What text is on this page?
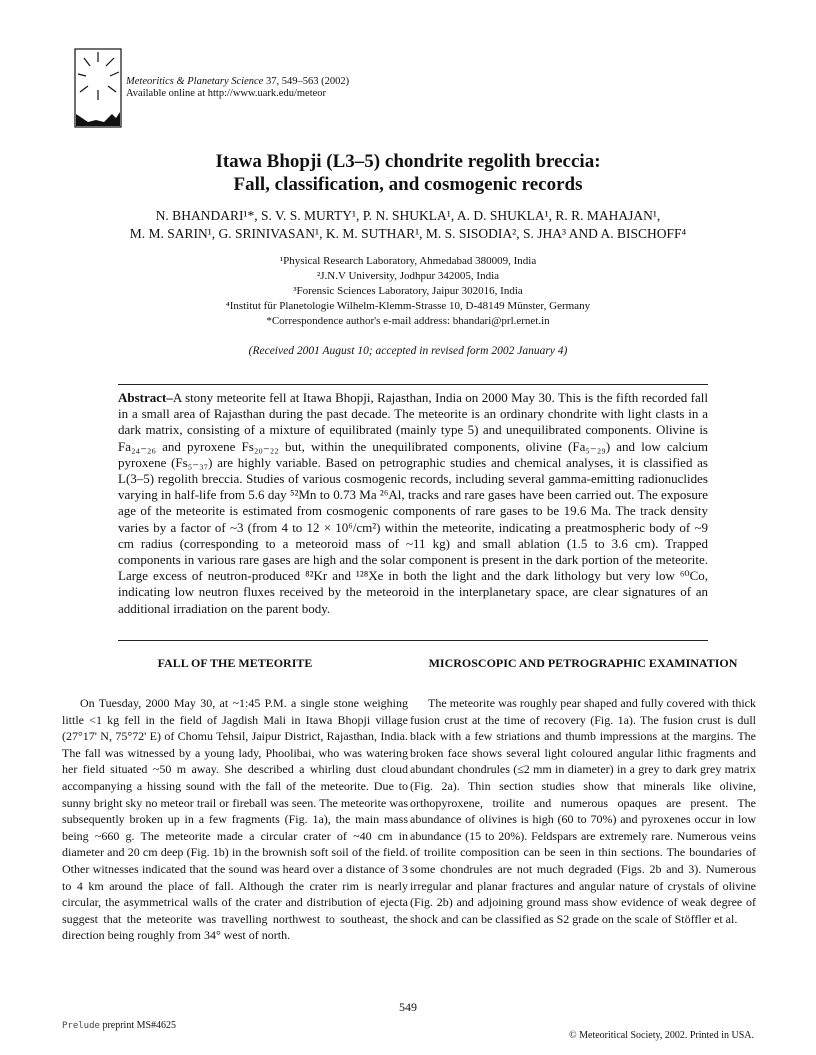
Meteoritics & Planetary Science 37, 549–563 (2002)
Available online at http://www.uark.edu/meteor
Itawa Bhopji (L3–5) chondrite regolith breccia:
Fall, classification, and cosmogenic records
N. BHANDARI¹*, S. V. S. MURTY¹, P. N. SHUKLA¹, A. D. SHUKLA¹, R. R. MAHAJAN¹,
M. M. SARIN¹, G. SRINIVASAN¹, K. M. SUTHAR¹, M. S. SISODIA², S. JHA³ AND A. BISCHOFF⁴
¹Physical Research Laboratory, Ahmedabad 380009, India
²J.N.V University, Jodhpur 342005, India
³Forensic Sciences Laboratory, Jaipur 302016, India
⁴Institut für Planetologie Wilhelm-Klemm-Strasse 10, D-48149 Münster, Germany
*Correspondence author's e-mail address: bhandari@prl.ernet.in
(Received 2001 August 10; accepted in revised form 2002 January 4)
Abstract–A stony meteorite fell at Itawa Bhopji, Rajasthan, India on 2000 May 30. This is the fifth recorded fall in a small area of Rajasthan during the past decade. The meteorite is an ordinary chondrite with light clasts in a dark matrix, consisting of a mixture of equilibrated (mainly type 5) and unequilibrated components. Olivine is Fa₂₄₋₂₆ and pyroxene Fs₂₀₋₂₂ but, within the unequilibrated components, olivine (Fa₅₋₂₉) and low calcium pyroxene (Fs₅₋₃₇) are highly variable. Based on petrographic studies and chemical analyses, it is classified as L(3–5) regolith breccia. Studies of various cosmogenic records, including several gamma-emitting radionuclides varying in half-life from 5.6 day ⁵²Mn to 0.73 Ma ²⁶Al, tracks and rare gases have been carried out. The exposure age of the meteorite is estimated from cosmogenic components of rare gases to be 19.6 Ma. The track density varies by a factor of ~3 (from 4 to 12 × 10⁶/cm²) within the meteorite, indicating a preatmospheric body of ~9 cm radius (corresponding to a meteoroid mass of ~11 kg) and small ablation (1.5 to 3.6 cm). Trapped components in various rare gases are high and the solar component is present in the dark portion of the meteorite. Large excess of neutron-produced ⁸²Kr and ¹²⁸Xe in both the light and the dark lithology but very low ⁶⁰Co, indicating low neutron fluxes received by the meteoroid in the interplanetary space, are clear signatures of an additional irradiation on the parent body.
FALL OF THE METEORITE

On Tuesday, 2000 May 30, at ~1:45 P.M. a single stone weighing little <1 kg fell in the field of Jagdish Mali in Itawa Bhopji village (27°17' N, 75°72' E) of Chomu Tehsil, Jaipur District, Rajasthan, India. The fall was witnessed by a young lady, Phoolibai, who was watering her field situated ~50 m away. She described a whirling dust cloud accompanying a hissing sound with the fall of the meteorite. Due to sunny bright sky no meteor trail or fireball was seen. The meteorite was subsequently broken up in a few fragments (Fig. 1a), the main mass being ~660 g. The meteorite made a circular crater of ~40 cm in diameter and 20 cm deep (Fig. 1b) in the brownish soft soil of the field. Other witnesses indicated that the sound was heard over a distance of 3 to 4 km around the place of fall. Although the crater rim is nearly circular, the asymmetrical walls of the crater and distribution of ejecta suggest that the meteorite was travelling northwest to southeast, the direction being roughly from 34° west of north.

MICROSCOPIC AND PETROGRAPHIC EXAMINATION

The meteorite was roughly pear shaped and fully covered with thick fusion crust at the time of recovery (Fig. 1a). The fusion crust is dull black with a few striations and thumb impressions at the margins. The broken face shows several light coloured angular lithic fragments and abundant chondrules (≤2 mm in diameter) in a grey to dark grey matrix (Fig. 2a). Thin section studies show that minerals like olivine, orthopyroxene, troilite and numerous opaques are present. The abundance of olivines is high (60 to 70%) and pyroxenes occur in low abundance (15 to 20%). Feldspars are extremely rare. Numerous veins of troilite composition can be seen in thin sections. The boundaries of some chondrules are not much degraded (Figs. 2b and 3). Numerous irregular and planar fractures and angular nature of crystals of olivine (Fig. 2b) and adjoining ground mass show evidence of weak degree of shock and can be classified as S2 grade on the scale of Stöffler et al.

549
Prelude preprint MS#4625
© Meteoritical Society, 2002. Printed in USA.
